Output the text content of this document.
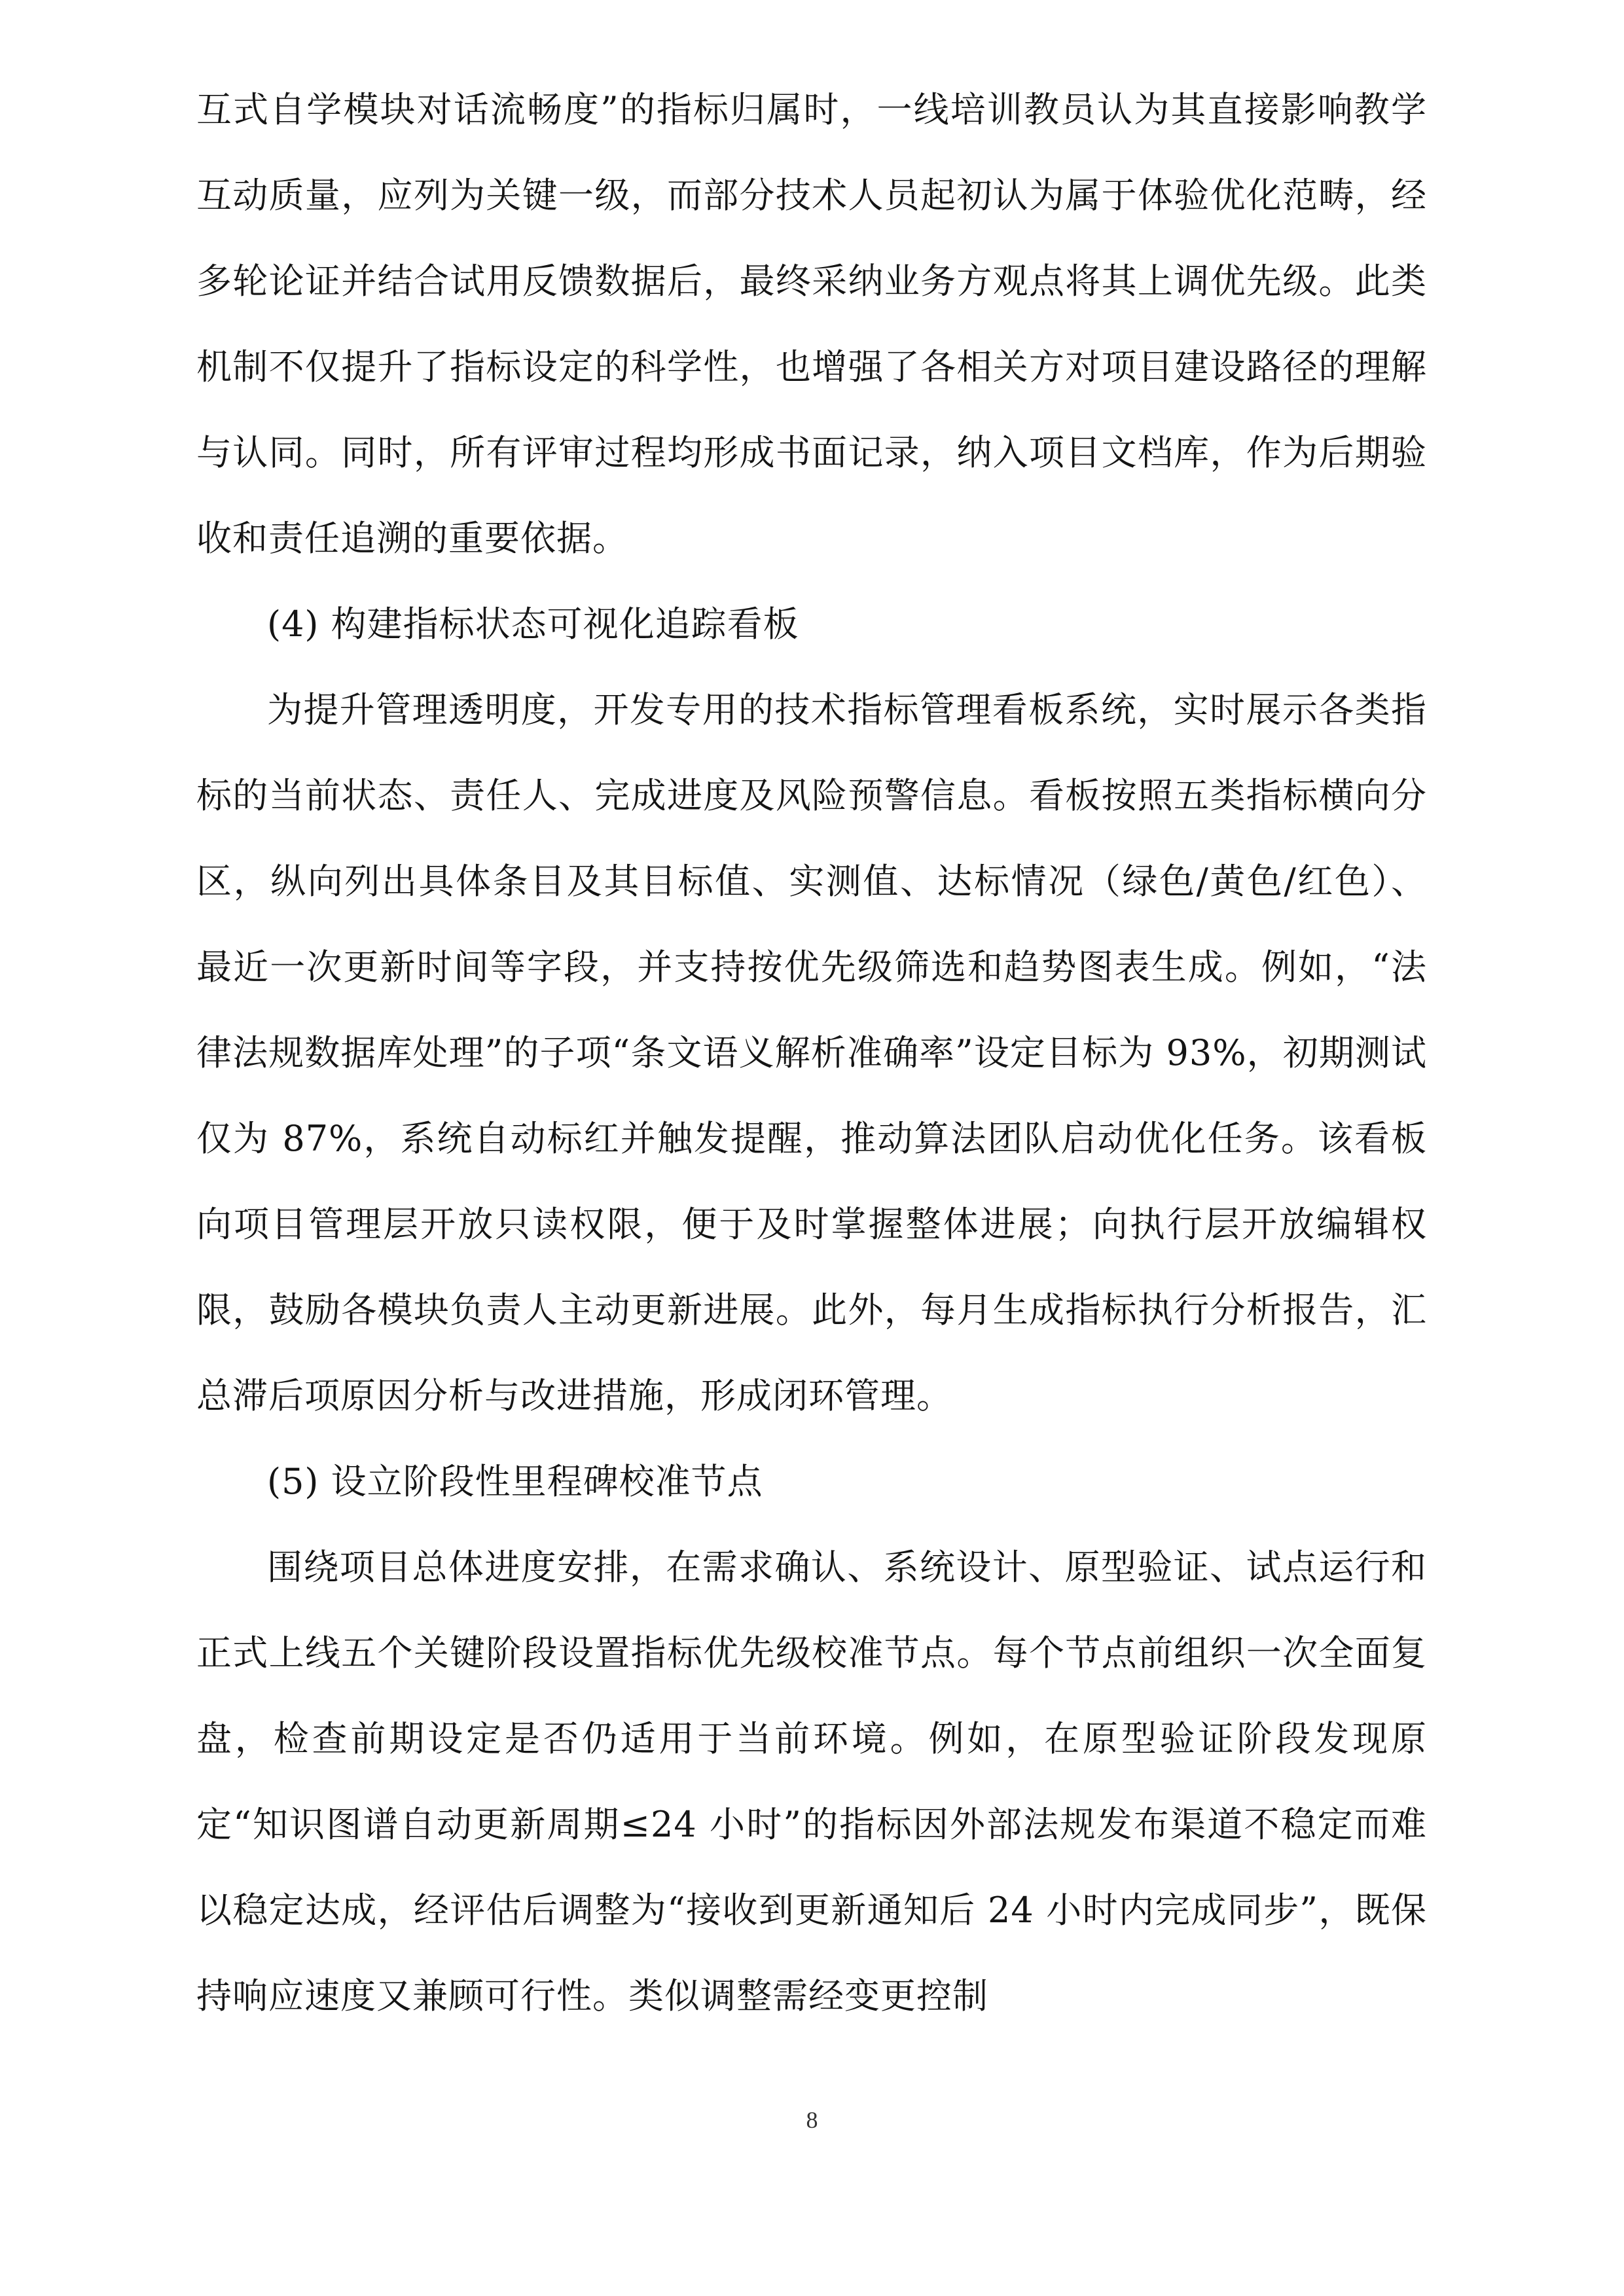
互式自学模块对话流畅度”的指标归属时，一线培训教员认为其直接影响教学互动质量，应列为关键一级，而部分技术人员起初认为属于体验优化范畴，经多轮论证并结合试用反馈数据后，最终采纳业务方观点将其上调优先级。此类机制不仅提升了指标设定的科学性，也增强了各相关方对项目建设路径的理解与认同。同时，所有评审过程均形成书面记录，纳入项目文档库，作为后期验收和责任追溯的重要依据。

(4) 构建指标状态可视化追踪看板

为提升管理透明度，开发专用的技术指标管理看板系统，实时展示各类指标的当前状态、责任人、完成进度及风险预警信息。看板按照五类指标横向分区，纵向列出具体条目及其目标值、实测值、达标情况（绿色/黄色/红色）、最近一次更新时间等字段，并支持按优先级筛选和趋势图表生成。例如，“法律法规数据库处理”的子项“条文语义解析准确率”设定目标为 93%，初期测试仅为 87%，系统自动标红并触发提醒，推动算法团队启动优化任务。该看板向项目管理层开放只读权限，便于及时掌握整体进展；向执行层开放编辑权限，鼓励各模块负责人主动更新进展。此外，每月生成指标执行分析报告，汇总滞后项原因分析与改进措施，形成闭环管理。

(5) 设立阶段性里程碑校准节点

围绕项目总体进度安排，在需求确认、系统设计、原型验证、试点运行和正式上线五个关键阶段设置指标优先级校准节点。每个节点前组织一次全面复盘，检查前期设定是否仍适用于当前环境。例如，在原型验证阶段发现原定“知识图谱自动更新周期≤24 小时”的指标因外部法规发布渠道不稳定而难以稳定达成，经评估后调整为“接收到更新通知后 24 小时内完成同步”，既保持响应速度又兼顾可行性。类似调整需经变更控制

8
